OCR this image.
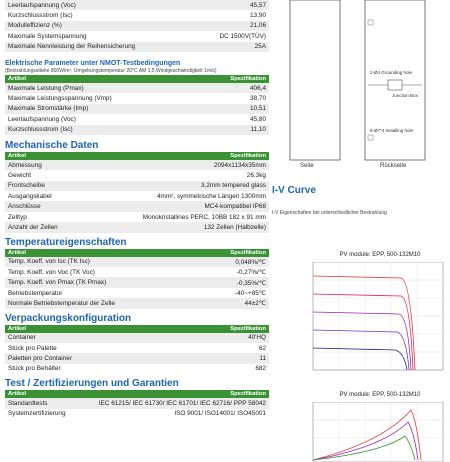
Leerlaufspannung (Voc)	45,57
Kurzschlussstrom (Isc)	13,90
Modulleffizienz (%)	21,06
Maximale Systemspannung	DC 1500V(TÜV)
Maximale Nennleistung der Reihensicherung	25A
Elektrische Parameter unter NMOT-Testbedingungen
(Bestrahlungsstärke 800W/m², Umgebungstemperatur 20°C AM 1,5,Windgeschwindigkeit 1m/s)
Artikel	Spezifikation
Maximale Leistung (Pmax)	406,4
Maximale Leistungsspannung (Vmp)	38,70
Maximale Stromstärke (Imp)	10,51
Leerlaufspannung (Voc)	45,80
Kurzschlussstrom (Isc)	11,10
Mechanische Daten
Artikel	Spezifikation
Abmessung	2094x1134x35mm
Gewicht	26,3kg
Frontscheibe	3,2mm tempered glass
Ausgangskabel	4mm², symmetrische Längen 1300mm
Anschlüsse	MC4-kompatibel IP68
Zelltyp	Monokristallines PERC, 10BB 182 x 91 mm
Anzahl der Zellen	132 Zellen (Halbzelle)
Temperatureigenschaften
Artikel	Spezifikation
Temp. Koeff. von Isc (TK Isc)	0,048%/℃
Temp. Koeff. von Voc (TK Voc)	-0,27%/℃
Temp. Koeff. von Pmax (TK Pmax)	-0,35%/℃
Betriebstemperatur	-40~+85℃
Normale Betriebstemperatur der Zelle	44±2℃
Verpackungskonfiguration
Artikel	Spezifikation
Container	40'HQ
Stück pro Palette	62
Paletten pro Container	11
Stück pro Behälter	682
Test / Zertifizierungen und Garantien
Artikel	Spezifikation
Standardtests	IEC 61215/ IEC 61730/ IEC 61701/ IEC 62716/ PPP 58042
Systemzertifizierung	ISO 9001/ ISO14001/ ISO45001
2-Ø4 Grounding hole
Junction Box
8-Ø7*4 Installing hole
Seite	Rückseite
I-V Curve
I-V Eigenschaften bei unterschiedlicher Bestrahlung
PV module: EPP, 500-132M10
PV module: EPP, 500-132M10
